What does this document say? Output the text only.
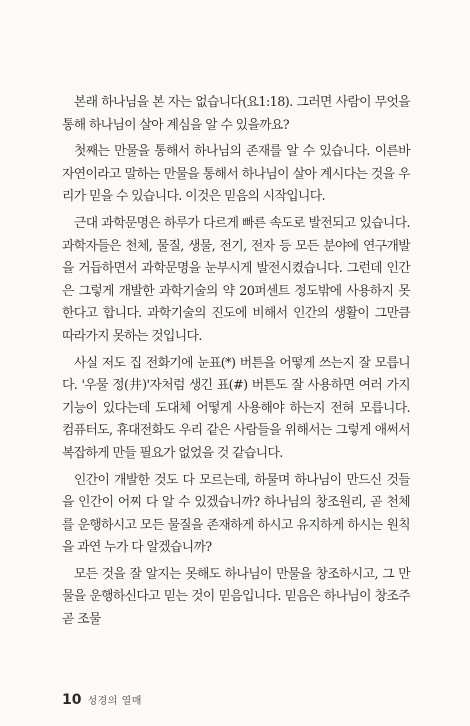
본래 하나님을 본 자는 없습니다(요1:18). 그러면 사람이 무엇을 통해 하나님이 살아 계심을 알 수 있을까요?

첫째는 만물을 통해서 하나님의 존재를 알 수 있습니다. 이른바 자연이라고 말하는 만물을 통해서 하나님이 살아 계시다는 것을 우리가 믿을 수 있습니다. 이것은 믿음의 시작입니다.

근대 과학문명은 하루가 다르게 빠른 속도로 발전되고 있습니다. 과학자들은 천체, 물질, 생물, 전기, 전자 등 모든 분야에 연구개발을 거듭하면서 과학문명을 눈부시게 발전시켰습니다. 그런데 인간은 그렇게 개발한 과학기술의 약 20퍼센트 정도밖에 사용하지 못한다고 합니다. 과학기술의 진도에 비해서 인간의 생활이 그만큼 따라가지 못하는 것입니다.

사실 저도 집 전화기에 눈표(*) 버튼을 어떻게 쓰는지 잘 모릅니다. '우물 정(井)'자처럼 생긴 표(#) 버튼도 잘 사용하면 여러 가지 기능이 있다는데 도대체 어떻게 사용해야 하는지 전혀 모릅니다. 컴퓨터도, 휴대전화도 우리 같은 사람들을 위해서는 그렇게 애써서 복잡하게 만들 필요가 없었을 것 같습니다.

인간이 개발한 것도 다 모르는데, 하물며 하나님이 만드신 것들을 인간이 어찌 다 알 수 있겠습니까? 하나님의 창조원리, 곧 천체를 운행하시고 모든 물질을 존재하게 하시고 유지하게 하시는 원칙을 과연 누가 다 알겠습니까?

모든 것을 잘 알지는 못해도 하나님이 만물을 창조하시고, 그 만물을 운행하신다고 믿는 것이 믿음입니다. 믿음은 하나님이 창조주 곧 조물

10 성경의 열매
